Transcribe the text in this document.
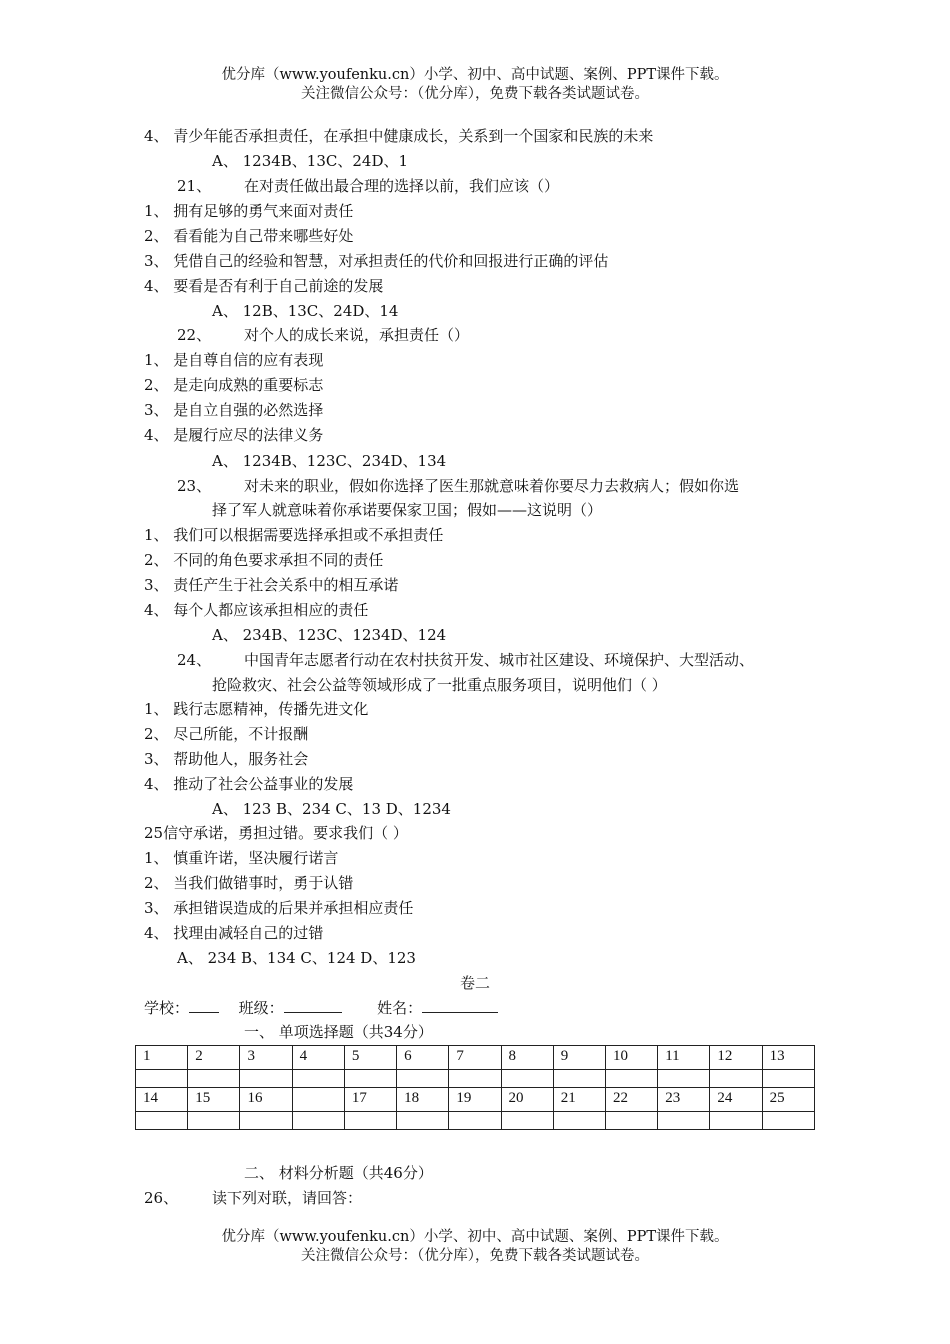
优分库（www.youfenku.cn）小学、初中、高中试题、案例、PPT课件下载。
关注微信公众号：（优分库），免费下载各类试题试卷。
4、 青少年能否承担责任，在承担中健康成长，关系到一个国家和民族的未来
A、 1234B、13C、24D、1
21、 在对责任做出最合理的选择以前，我们应该（）
1、 拥有足够的勇气来面对责任
2、 看看能为自己带来哪些好处
3、 凭借自己的经验和智慧，对承担责任的代价和回报进行正确的评估
4、 要看是否有利于自己前途的发展
A、 12B、13C、24D、14
22、 对个人的成长来说，承担责任（）
1、 是自尊自信的应有表现
2、 是走向成熟的重要标志
3、 是自立自强的必然选择
4、 是履行应尽的法律义务
A、 1234B、123C、234D、134
23、 对未来的职业，假如你选择了医生那就意味着你要尽力去救病人；假如你选
择了军人就意味着你承诺要保家卫国；假如——这说明（）
1、 我们可以根据需要选择承担或不承担责任
2、 不同的角色要求承担不同的责任
3、 责任产生于社会关系中的相互承诺
4、 每个人都应该承担相应的责任
A、 234B、123C、1234D、124
24、 中国青年志愿者行动在农村扶贫开发、城市社区建设、环境保护、大型活动、
抢险救灾、社会公益等领域形成了一批重点服务项目，说明他们（ ）
1、 践行志愿精神，传播先进文化
2、 尽己所能，不计报酬
3、 帮助他人，服务社会
4、 推动了社会公益事业的发展
A、 123 B、234 C、13 D、1234
25信守承诺，勇担过错。要求我们（ ）
1、 慎重许诺，坚决履行诺言
2、 当我们做错事时，勇于认错
3、 承担错误造成的后果并承担相应责任
4、 找理由减轻自己的过错
A、 234 B、134 C、124 D、123
卷二
学校：	班级：	姓名：
一、 单项选择题（共34分）
1	2	3	4	5	6	7	8	9	10	11	12	13

14	15	16		17	18	19	20	21	22	23	24	25

二、 材料分析题（共46分）
26、 读下列对联，请回答：
优分库（www.youfenku.cn）小学、初中、高中试题、案例、PPT课件下载。
关注微信公众号：（优分库），免费下载各类试题试卷。
